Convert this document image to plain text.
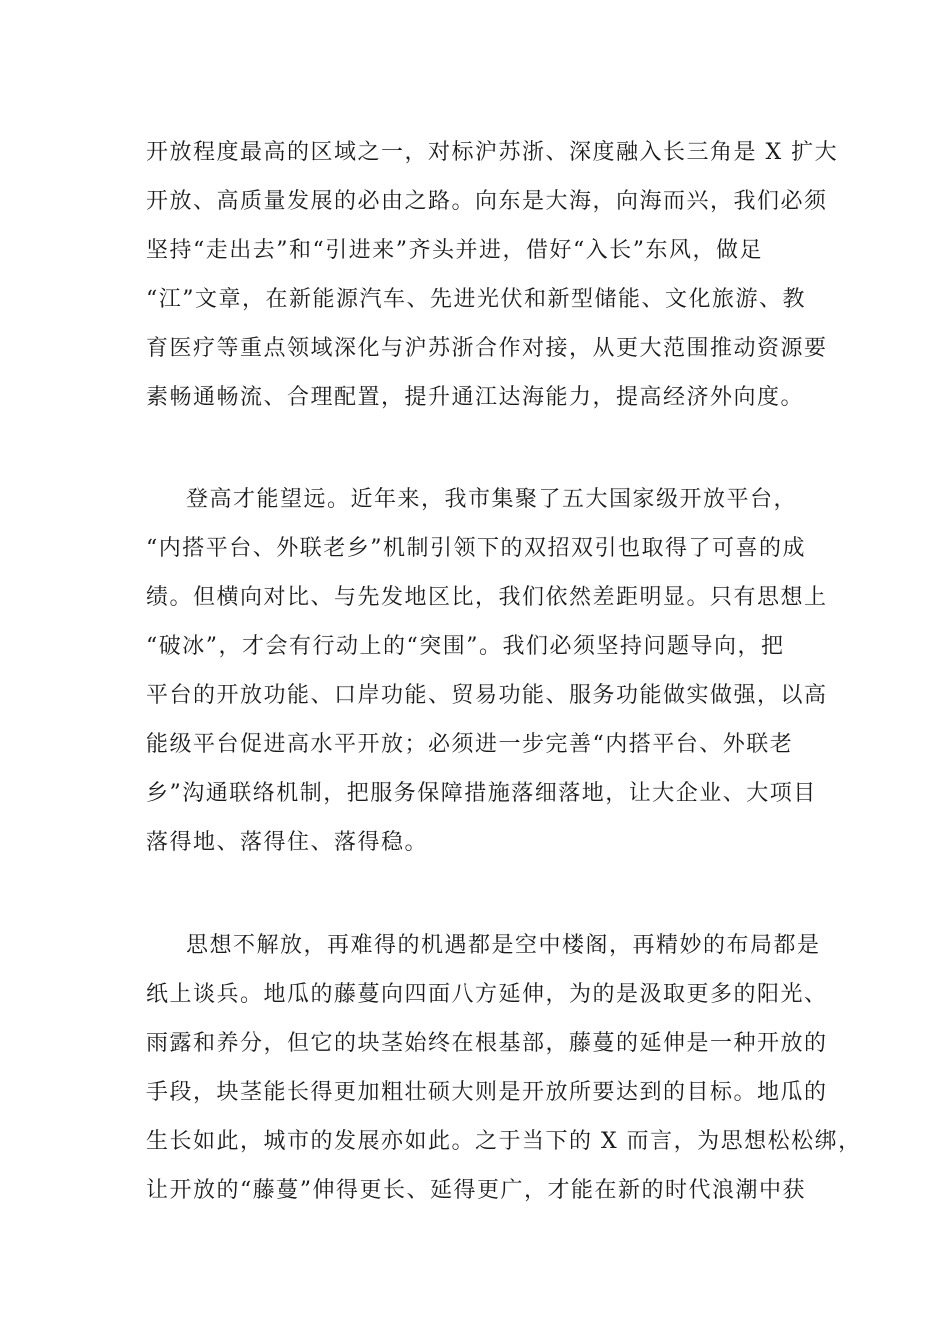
开放程度最高的区域之一，对标沪苏浙、深度融入长三角是 X 扩大
开放、高质量发展的必由之路。向东是大海，向海而兴，我们必须
坚持“走出去”和“引进来”齐头并进，借好“入长”东风，做足
“江”文章，在新能源汽车、先进光伏和新型储能、文化旅游、教
育医疗等重点领域深化与沪苏浙合作对接，从更大范围推动资源要
素畅通畅流、合理配置，提升通江达海能力，提高经济外向度。
登高才能望远。近年来，我市集聚了五大国家级开放平台，
“内搭平台、外联老乡”机制引领下的双招双引也取得了可喜的成
绩。但横向对比、与先发地区比，我们依然差距明显。只有思想上
“破冰”，才会有行动上的“突围”。我们必须坚持问题导向，把
平台的开放功能、口岸功能、贸易功能、服务功能做实做强，以高
能级平台促进高水平开放；必须进一步完善“内搭平台、外联老
乡”沟通联络机制，把服务保障措施落细落地，让大企业、大项目
落得地、落得住、落得稳。
思想不解放，再难得的机遇都是空中楼阁，再精妙的布局都是
纸上谈兵。地瓜的藤蔓向四面八方延伸，为的是汲取更多的阳光、
雨露和养分，但它的块茎始终在根基部，藤蔓的延伸是一种开放的
手段，块茎能长得更加粗壮硕大则是开放所要达到的目标。地瓜的
生长如此，城市的发展亦如此。之于当下的 X 而言，为思想松松绑，
让开放的“藤蔓”伸得更长、延得更广，才能在新的时代浪潮中获
